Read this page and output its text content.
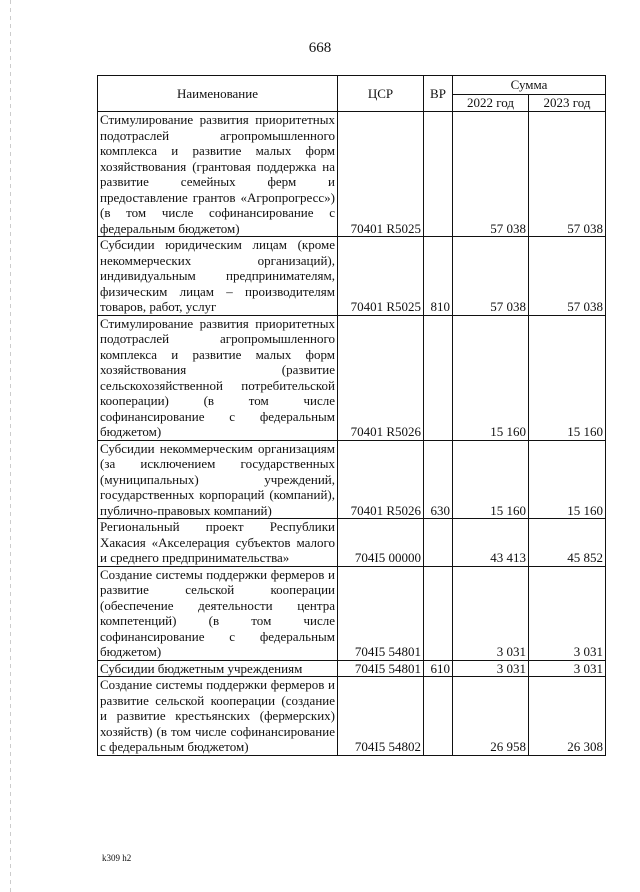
668
Наименование	ЦСР	ВР	Сумма	
			2022 год	2023 год
Стимулирование развития приоритетных подотраслей агропромышленного комплекса и развитие малых форм хозяйствования (грантовая поддержка на развитие семейных ферм и предоставление грантов «Агропрогресс») (в том числе софинансирование с федеральным бюджетом)	70401 R5025		57 038	57 038
Субсидии юридическим лицам (кроме некоммерческих организаций), индивидуальным предпринимателям, физическим лицам – производителям товаров, работ, услуг	70401 R5025	810	57 038	57 038
Стимулирование развития приоритетных подотраслей агропромышленного комплекса и развитие малых форм хозяйствования (развитие сельскохозяйственной потребительской кооперации) (в том числе софинансирование с федеральным бюджетом)	70401 R5026		15 160	15 160
Субсидии некоммерческим организациям (за исключением государственных (муниципальных) учреждений, государственных корпораций (компаний), публично-правовых компаний)	70401 R5026	630	15 160	15 160
Региональный проект Республики Хакасия «Акселерация субъектов малого и среднего предпринимательства»	704I5 00000		43 413	45 852
Создание системы поддержки фермеров и развитие сельской кооперации (обеспечение деятельности центра компетенций) (в том числе софинансирование с федеральным бюджетом)	704I5 54801		3 031	3 031
Субсидии бюджетным учреждениям	704I5 54801	610	3 031	3 031
Создание системы поддержки фермеров и развитие сельской кооперации (создание и развитие крестьянских (фермерских) хозяйств) (в том числе софинансирование с федеральным бюджетом)	704I5 54802		26 958	26 308
k309 h2
